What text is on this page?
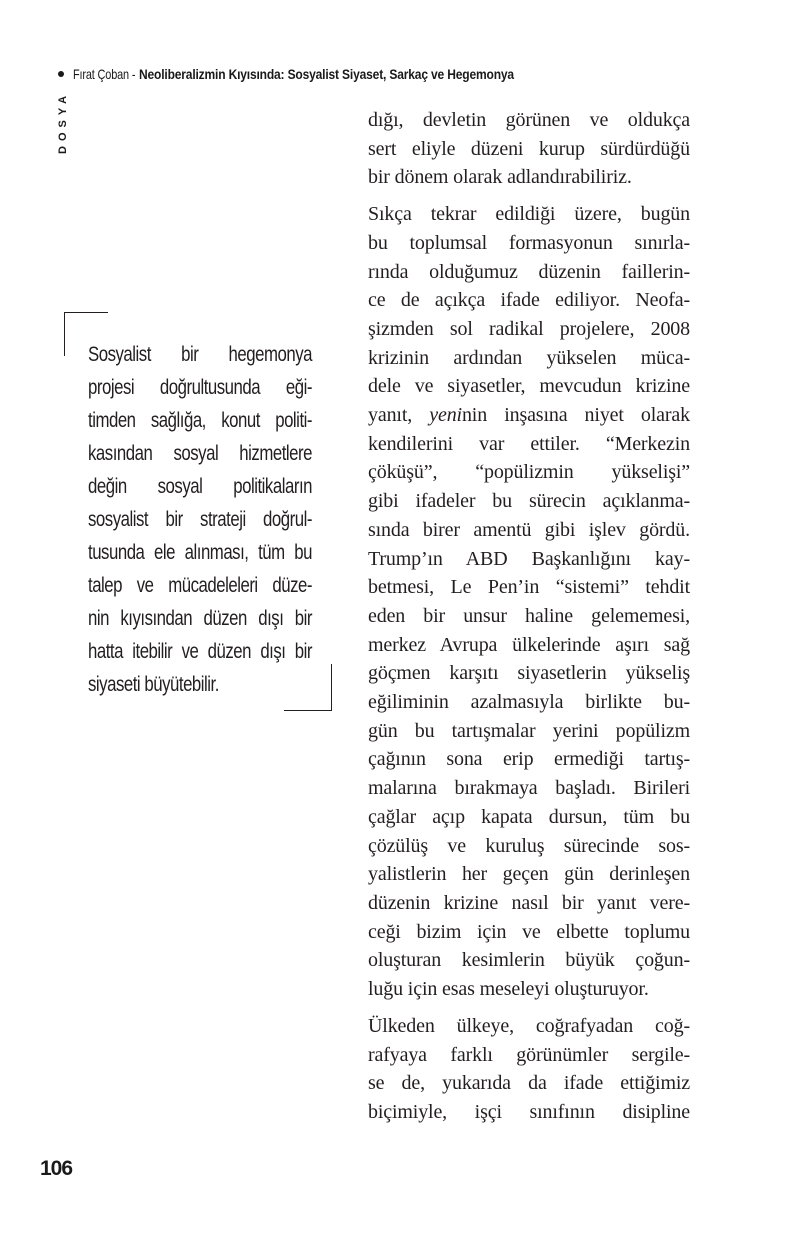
Fırat Çoban -Neoliberalizmin Kıyısında: Sosyalist Siyaset, Sarkaç ve Hegemonya
DOSYA
Sosyalist bir hegemonya
projesi doğrultusunda eği-
timden sağlığa, konut politi-
kasından sosyal hizmetlere
değin sosyal politikaların
sosyalist bir strateji doğrul-
tusunda ele alınması, tüm bu
talep ve mücadeleleri düze-
nin kıyısından düzen dışı bir
hatta itebilir ve düzen dışı bir
siyaseti büyütebilir.

dığı, devletin görünen ve oldukça
sert eliyle düzeni kurup sürdürdüğü
bir dönem olarak adlandırabiliriz.

Sıkça tekrar edildiği üzere, bugün
bu toplumsal formasyonun sınırla-
rında olduğumuz düzenin faillerin-
ce de açıkça ifade ediliyor. Neofa-
şizmden sol radikal projelere, 2008
krizinin ardından yükselen müca-
dele ve siyasetler, mevcudun krizine
yanıt, yeninin inşasına niyet olarak
kendilerini var ettiler. “Merkezin
çöküşü”, “popülizmin yükselişi”
gibi ifadeler bu sürecin açıklanma-
sında birer amentü gibi işlev gördü.
Trump’ın ABD Başkanlığını kay-
betmesi, Le Pen’in “sistemi” tehdit
eden bir unsur haline gelememesi,
merkez Avrupa ülkelerinde aşırı sağ
göçmen karşıtı siyasetlerin yükseliş
eğiliminin azalmasıyla birlikte bu-
gün bu tartışmalar yerini popülizm
çağının sona erip ermediği tartış-
malarına bırakmaya başladı. Birileri
çağlar açıp kapata dursun, tüm bu
çözülüş ve kuruluş sürecinde sos-
yalistlerin her geçen gün derinleşen
düzenin krizine nasıl bir yanıt vere-
ceği bizim için ve elbette toplumu
oluşturan kesimlerin büyük çoğun-
luğu için esas meseleyi oluşturuyor.

Ülkeden ülkeye, coğrafyadan coğ-
rafyaya farklı görünümler sergile-
se de, yukarıda da ifade ettiğimiz
biçimiyle, işçi sınıfının disipline

106
